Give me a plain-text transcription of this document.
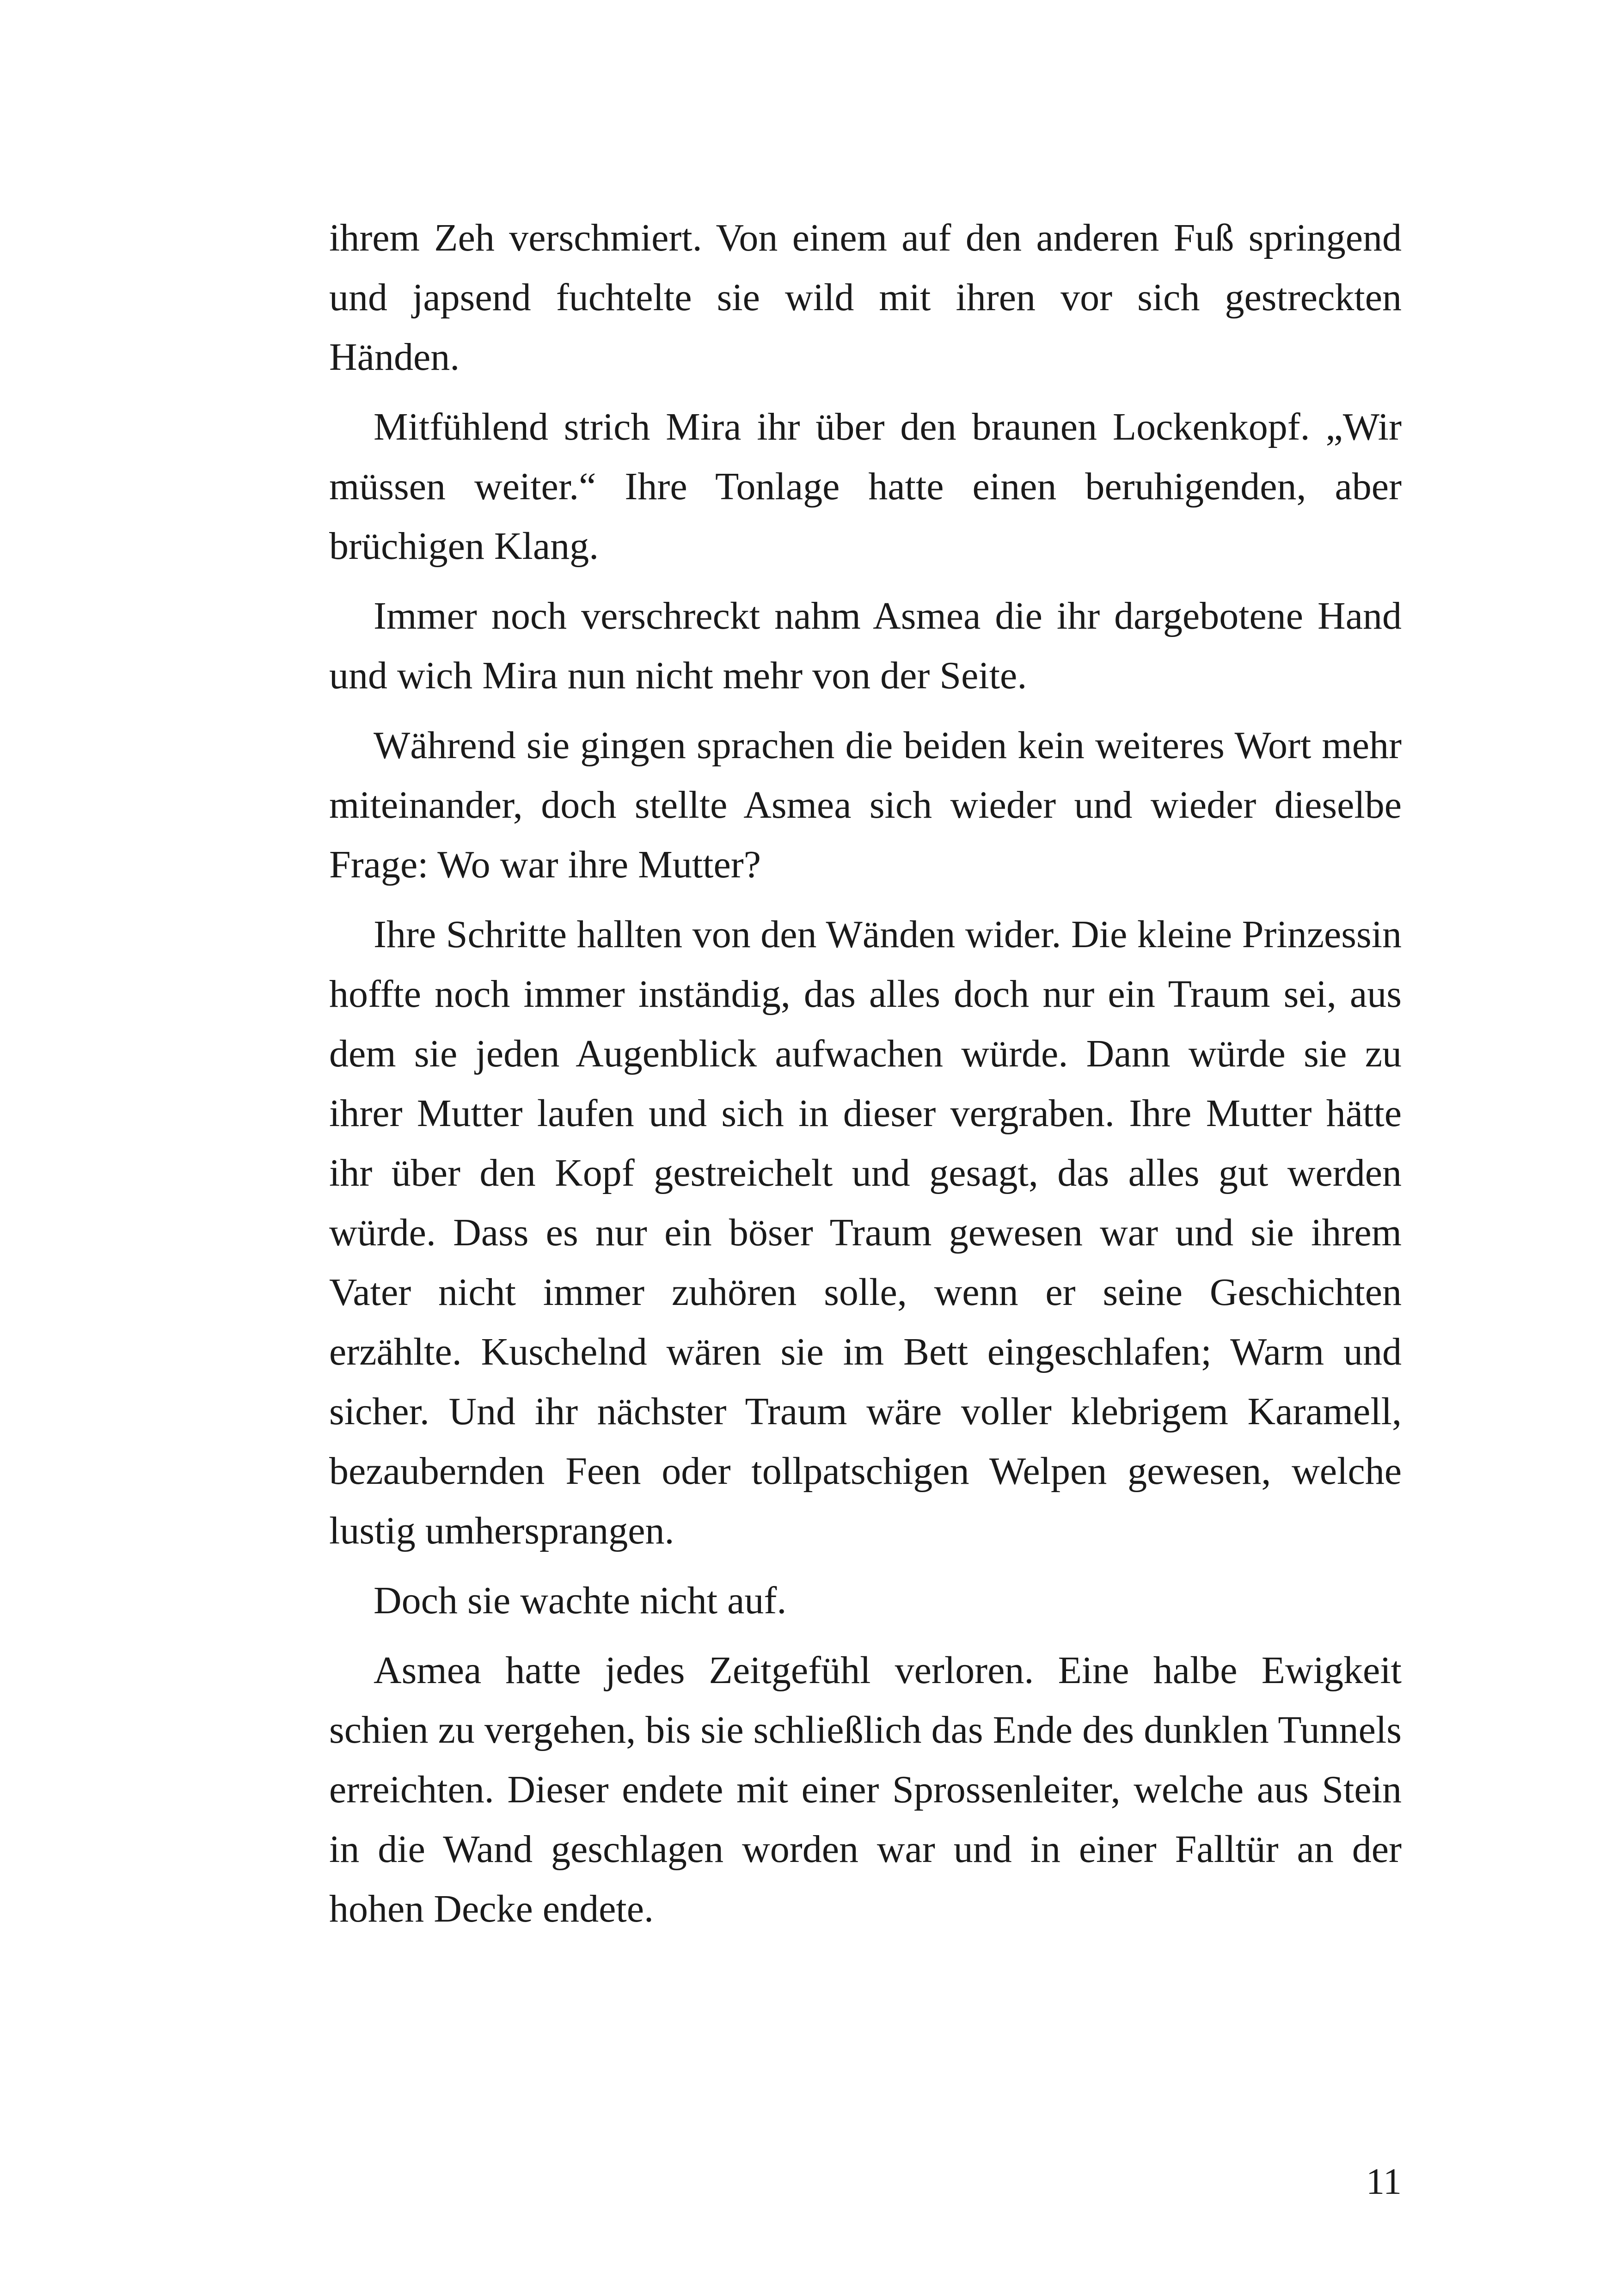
ihrem Zeh verschmiert. Von einem auf den anderen Fuß springend und japsend fuchtelte sie wild mit ihren vor sich gestreckten Händen.

Mitfühlend strich Mira ihr über den braunen Lockenkopf. „Wir müssen weiter.“ Ihre Tonlage hatte einen beruhigenden, aber brüchigen Klang.

Immer noch verschreckt nahm Asmea die ihr dargebotene Hand und wich Mira nun nicht mehr von der Seite.

Während sie gingen sprachen die beiden kein weiteres Wort mehr miteinander, doch stellte Asmea sich wieder und wieder dieselbe Frage: Wo war ihre Mutter?

Ihre Schritte hallten von den Wänden wider. Die kleine Prinzessin hoffte noch immer inständig, das alles doch nur ein Traum sei, aus dem sie jeden Augenblick aufwachen würde. Dann würde sie zu ihrer Mutter laufen und sich in dieser vergraben. Ihre Mutter hätte ihr über den Kopf gestreichelt und gesagt, das alles gut werden würde. Dass es nur ein böser Traum gewesen war und sie ihrem Vater nicht immer zuhören solle, wenn er seine Geschichten erzählte. Kuschelnd wären sie im Bett eingeschlafen; Warm und sicher. Und ihr nächster Traum wäre voller klebrigem Karamell, bezaubernden Feen oder tollpatschigen Welpen gewesen, welche lustig umhersprangen.

Doch sie wachte nicht auf.

Asmea hatte jedes Zeitgefühl verloren. Eine halbe Ewigkeit schien zu vergehen, bis sie schließlich das Ende des dunklen Tunnels erreichten. Dieser endete mit einer Sprossenleiter, welche aus Stein in die Wand geschlagen worden war und in einer Falltür an der hohen Decke endete.

11
